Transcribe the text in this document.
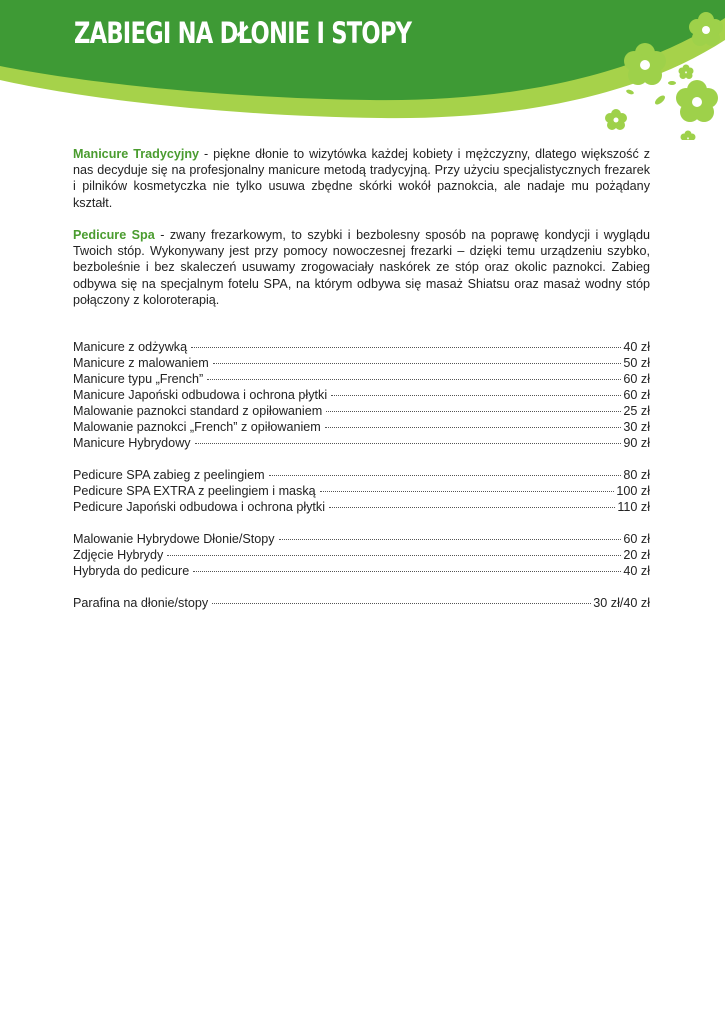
ZABIEGI NA DŁONIE I STOPY

Manicure Tradycyjny - piękne dłonie to wizytówka każdej kobiety i mężczyzny, dlatego większość z nas decyduje się na profesjonalny manicure metodą tradycyjną. Przy użyciu specjalistycznych frezarek i pilników kosmetyczka nie tylko usuwa zbędne skórki wokół paznokcia, ale nadaje mu pożądany kształt.

Pedicure Spa - zwany frezarkowym, to szybki i bezbolesny sposób na poprawę kondycji i wyglądu Twoich stóp. Wykonywany jest przy pomocy nowoczesnej frezarki – dzięki temu urządzeniu szybko, bezboleśnie i bez skaleczeń usuwamy zrogowaciały naskórek ze stóp oraz okolic paznokci. Zabieg odbywa się na specjalnym fotelu SPA, na którym odbywa się masaż Shiatsu oraz masaż wodny stóp połączony z koloroterapią.

Manicure z odżywką	40 zł
Manicure z malowaniem	50 zł
Manicure typu „French”	60 zł
Manicure Japoński odbudowa i ochrona płytki	60 zł
Malowanie paznokci standard z opiłowaniem	25 zł
Malowanie paznokci „French” z opiłowaniem	30 zł
Manicure Hybrydowy	90 zł
Pedicure SPA zabieg z peelingiem	80 zł
Pedicure SPA EXTRA z peelingiem i maską	100 zł
Pedicure Japoński odbudowa i ochrona płytki	110 zł
Malowanie Hybrydowe Dłonie/Stopy	60 zł
Zdjęcie Hybrydy	20 zł
Hybryda do pedicure	40 zł
Parafina na dłonie/stopy	30 zł/40 zł
